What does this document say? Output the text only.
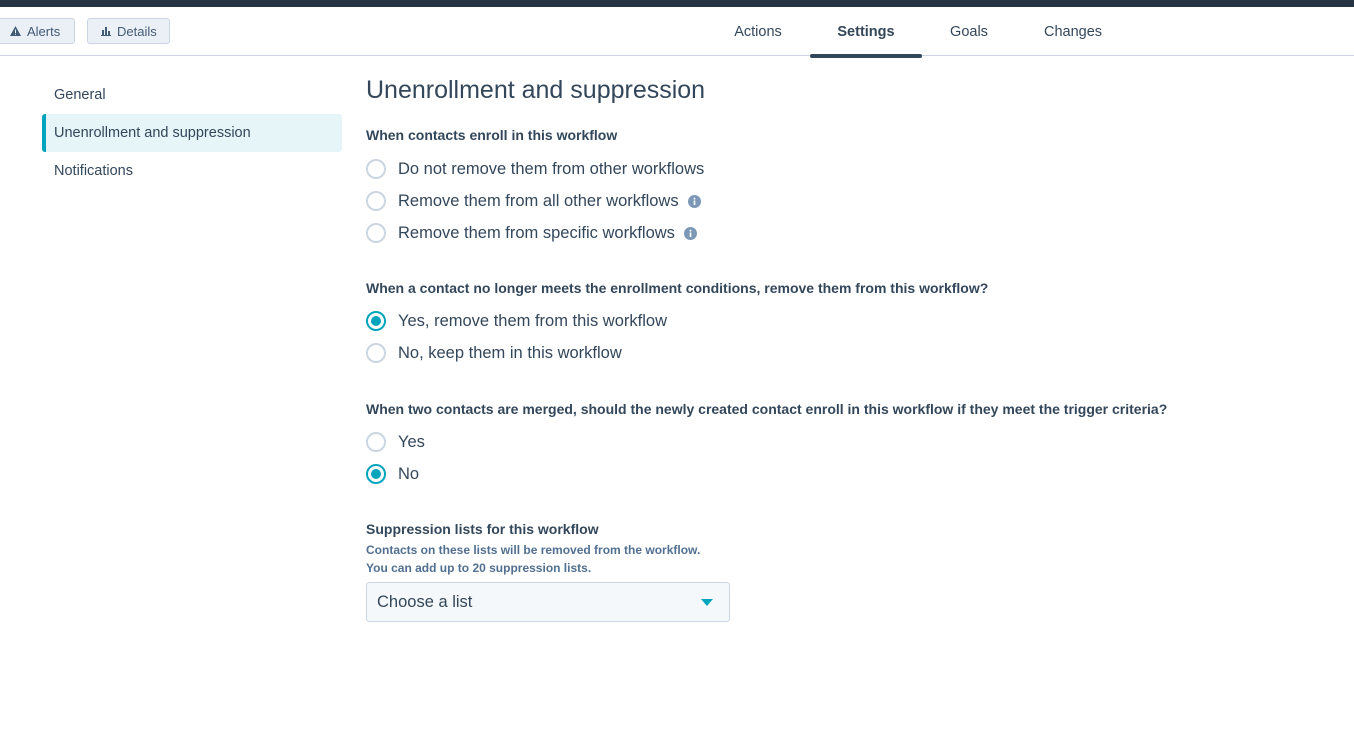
Alerts	Details	Actions	Settings	Goals	Changes
General
Unenrollment and suppression
Notifications
Unenrollment and suppression
When contacts enroll in this workflow
Do not remove them from other workflows
Remove them from all other workflows
Remove them from specific workflows
When a contact no longer meets the enrollment conditions, remove them from this workflow?
Yes, remove them from this workflow
No, keep them in this workflow
When two contacts are merged, should the newly created contact enroll in this workflow if they meet the trigger criteria?
Yes
No
Suppression lists for this workflow
Contacts on these lists will be removed from the workflow.
You can add up to 20 suppression lists.
Choose a list
